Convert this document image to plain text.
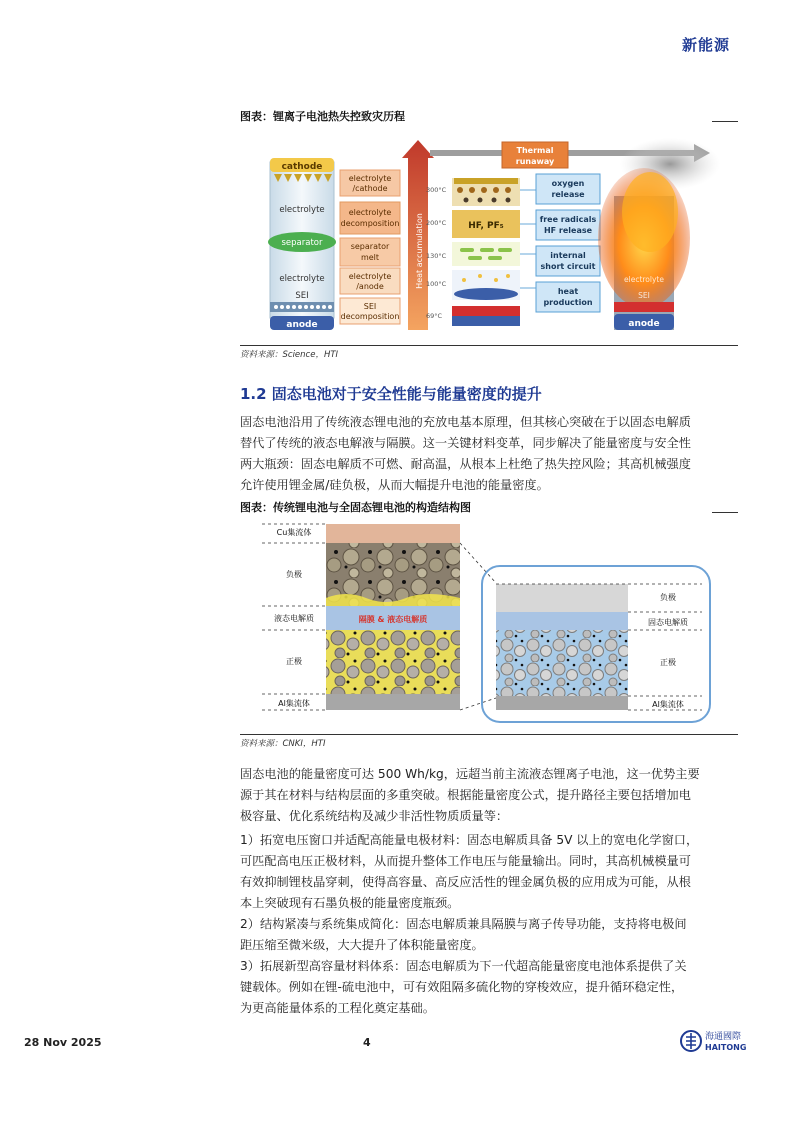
新能源
图表：锂离子电池热失控致灾历程
cathode
electrolyte
separator
electrolyte
SEI
anode
electrolyte
/cathode
electrolyte
decomposition
separator
melt
electrolyte
/anode
SEI
decomposition
Heat accumulation
Thermal
runaway
300°C
200°C
130°C
100°C
69°C
HF, PF₅
oxygen
release
free radicals
HF release
internal
short circuit
heat
production
electrolyte
SEI
anode
资料来源：Science，HTI
1.2 固态电池对于安全性能与能量密度的提升

固态电池沿用了传统液态锂电池的充放电基本原理，但其核心突破在于以固态电解质

替代了传统的液态电解液与隔膜。这一关键材料变革，同步解决了能量密度与安全性

两大瓶颈：固态电解质不可燃、耐高温，从根本上杜绝了热失控风险；其高机械强度

允许使用锂金属/硅负极，从而大幅提升电池的能量密度。

图表：传统锂电池与全固态锂电池的构造结构图
Cu集流体
负极
液态电解质
正极
Al集流体
隔膜 & 液态电解质
负极
固态电解质
正极
Al集流体
资料来源：CNKI，HTI

固态电池的能量密度可达 500 Wh/kg，远超当前主流液态锂离子电池，这一优势主要

源于其在材料与结构层面的多重突破。根据能量密度公式，提升路径主要包括增加电

极容量、优化系统结构及减少非活性物质质量等：

1）拓宽电压窗口并适配高能量电极材料：固态电解质具备 5V 以上的宽电化学窗口，

可匹配高电压正极材料，从而提升整体工作电压与能量输出。同时，其高机械模量可

有效抑制锂枝晶穿刺，使得高容量、高反应活性的锂金属负极的应用成为可能，从根

本上突破现有石墨负极的能量密度瓶颈。

2）结构紧凑与系统集成简化：固态电解质兼具隔膜与离子传导功能，支持将电极间

距压缩至微米级，大大提升了体积能量密度。

3）拓展新型高容量材料体系：固态电解质为下一代超高能量密度电池体系提供了关

键载体。例如在锂-硫电池中，可有效阻隔多硫化物的穿梭效应，提升循环稳定性，

为更高能量体系的工程化奠定基础。

28 Nov 2025	4	海通國際
HAITONG
